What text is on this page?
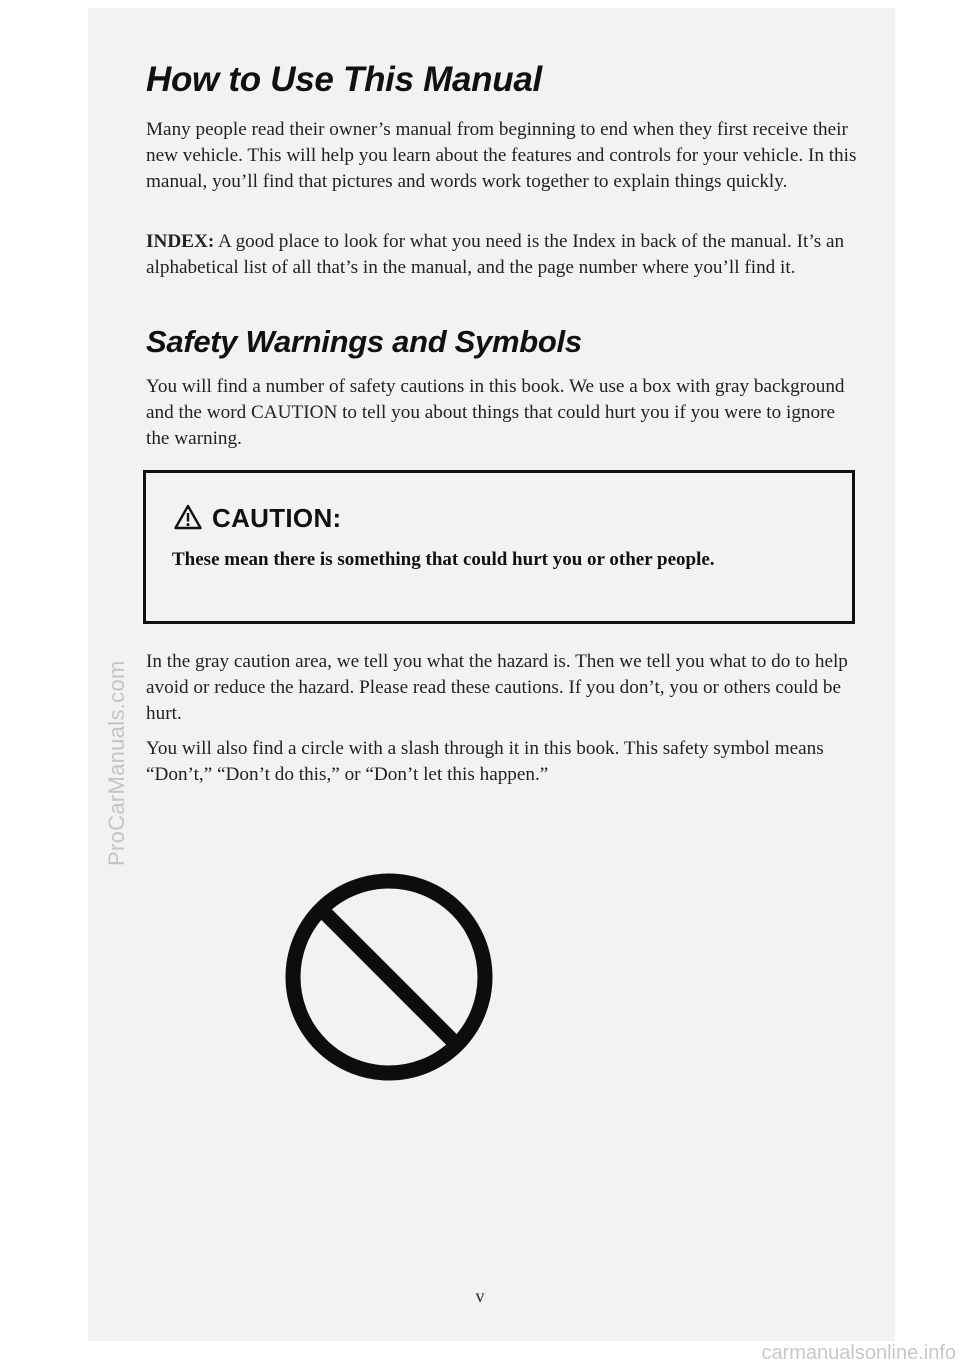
ProCarManuals.com
carmanualsonline.info
How to Use This Manual

Many people read their owner’s manual from beginning to end when they first receive their new vehicle. This will help you learn about the features and controls for your vehicle. In this manual, you’ll find that pictures and words work together to explain things quickly.

INDEX: A good place to look for what you need is the Index in back of the manual. It’s an alphabetical list of all that’s in the manual, and the page number where you’ll find it.

Safety Warnings and Symbols

You will find a number of safety cautions in this book. We use a box with gray background and the word CAUTION to tell you about things that could hurt you if you were to ignore the warning.

CAUTION:
These mean there is something that could hurt you or other people.

In the gray caution area, we tell you what the hazard is. Then we tell you what to do to help avoid or reduce the hazard. Please read these cautions. If you don’t, you or others could be hurt.

You will also find a circle with a slash through it in this book. This safety symbol means “Don’t,” “Don’t do this,” or “Don’t let this happen.”

v
